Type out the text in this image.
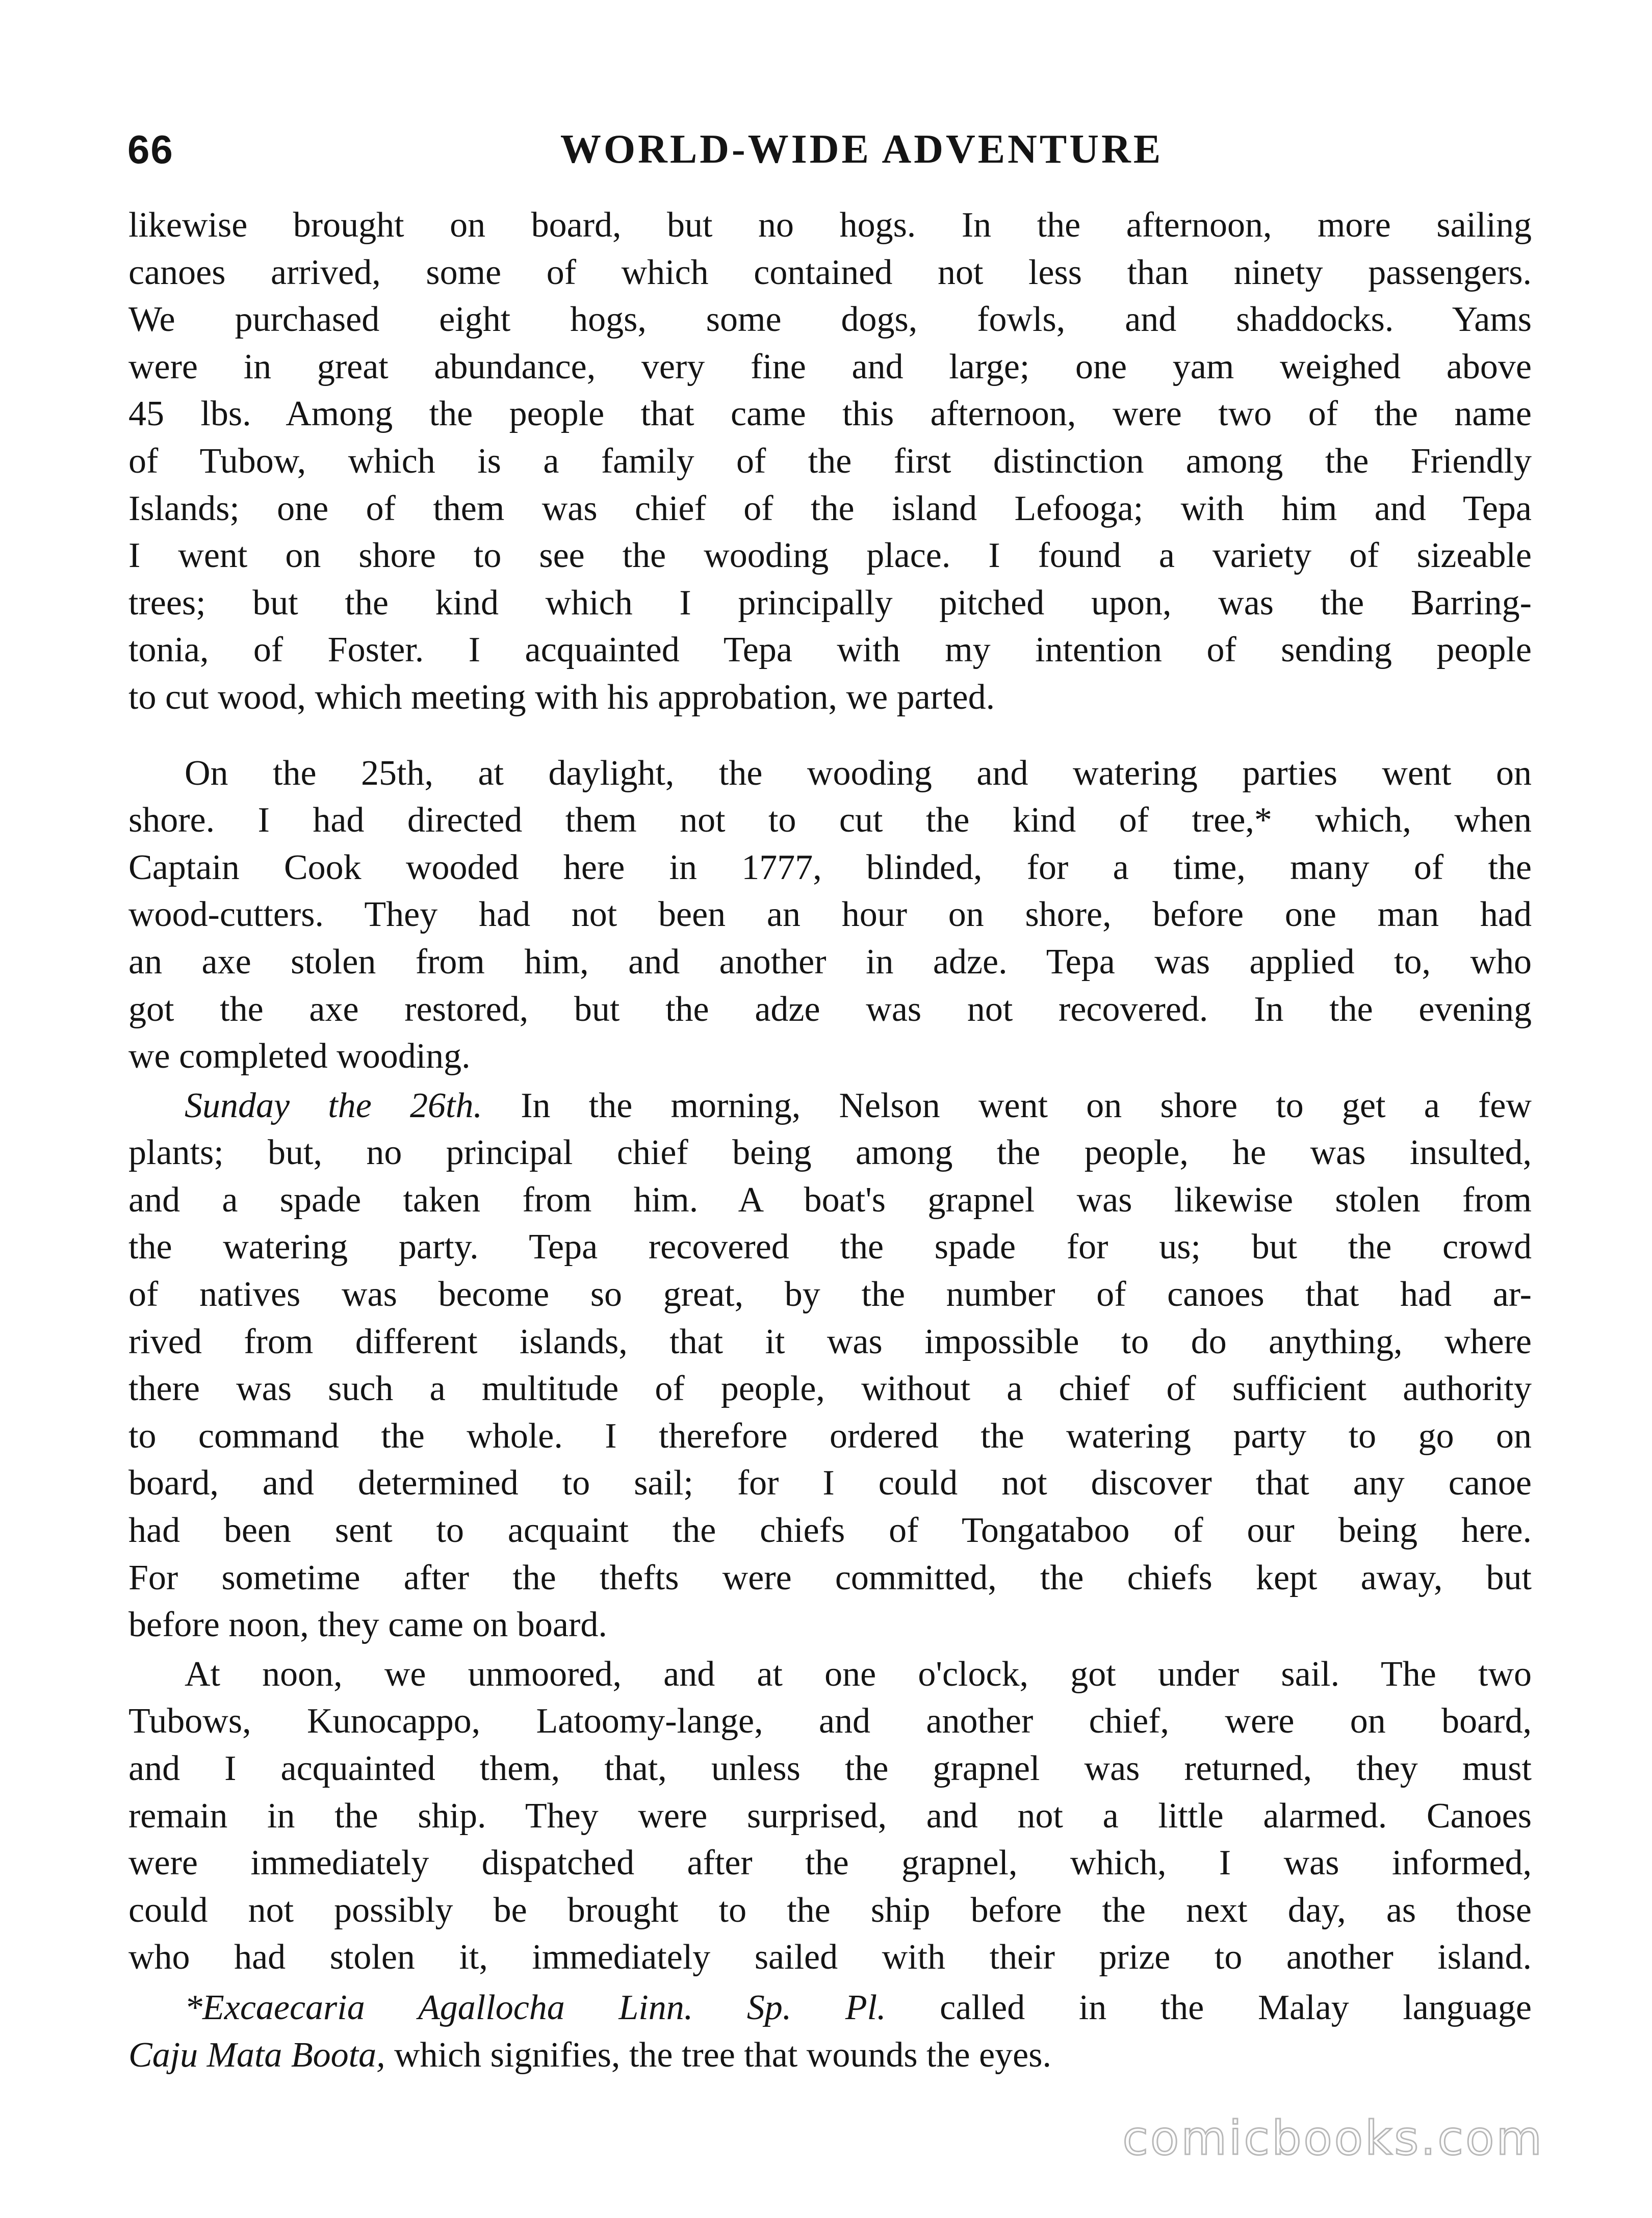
66	WORLD-WIDE ADVENTURE
likewise brought on board, but no hogs. In the afternoon, more sailing
canoes arrived, some of which contained not less than ninety passengers.
We purchased eight hogs, some dogs, fowls, and shaddocks. Yams
were in great abundance, very fine and large; one yam weighed above
45 lbs. Among the people that came this afternoon, were two of the name
of Tubow, which is a family of the first distinction among the Friendly
Islands; one of them was chief of the island Lefooga; with him and Tepa
I went on shore to see the wooding place. I found a variety of sizeable
trees; but the kind which I principally pitched upon, was the Barring-
tonia, of Foster. I acquainted Tepa with my intention of sending people
to cut wood, which meeting with his approbation, we parted.
On the 25th, at daylight, the wooding and watering parties went on
shore. I had directed them not to cut the kind of tree,* which, when
Captain Cook wooded here in 1777, blinded, for a time, many of the
wood-cutters. They had not been an hour on shore, before one man had
an axe stolen from him, and another in adze. Tepa was applied to, who
got the axe restored, but the adze was not recovered. In the evening
we completed wooding.
Sunday the 26th. In the morning, Nelson went on shore to get a few
plants; but, no principal chief being among the people, he was insulted,
and a spade taken from him. A boat's grapnel was likewise stolen from
the watering party. Tepa recovered the spade for us; but the crowd
of natives was become so great, by the number of canoes that had ar-
rived from different islands, that it was impossible to do anything, where
there was such a multitude of people, without a chief of sufficient authority
to command the whole. I therefore ordered the watering party to go on
board, and determined to sail; for I could not discover that any canoe
had been sent to acquaint the chiefs of Tongataboo of our being here.
For sometime after the thefts were committed, the chiefs kept away, but
before noon, they came on board.
At noon, we unmoored, and at one o'clock, got under sail. The two
Tubows, Kunocappo, Latoomy-lange, and another chief, were on board,
and I acquainted them, that, unless the grapnel was returned, they must
remain in the ship. They were surprised, and not a little alarmed. Canoes
were immediately dispatched after the grapnel, which, I was informed,
could not possibly be brought to the ship before the next day, as those
who had stolen it, immediately sailed with their prize to another island.
*Excaecaria Agallocha Linn. Sp. Pl. called in the Malay language
Caju Mata Boota, which signifies, the tree that wounds the eyes.
comicbooks.com
